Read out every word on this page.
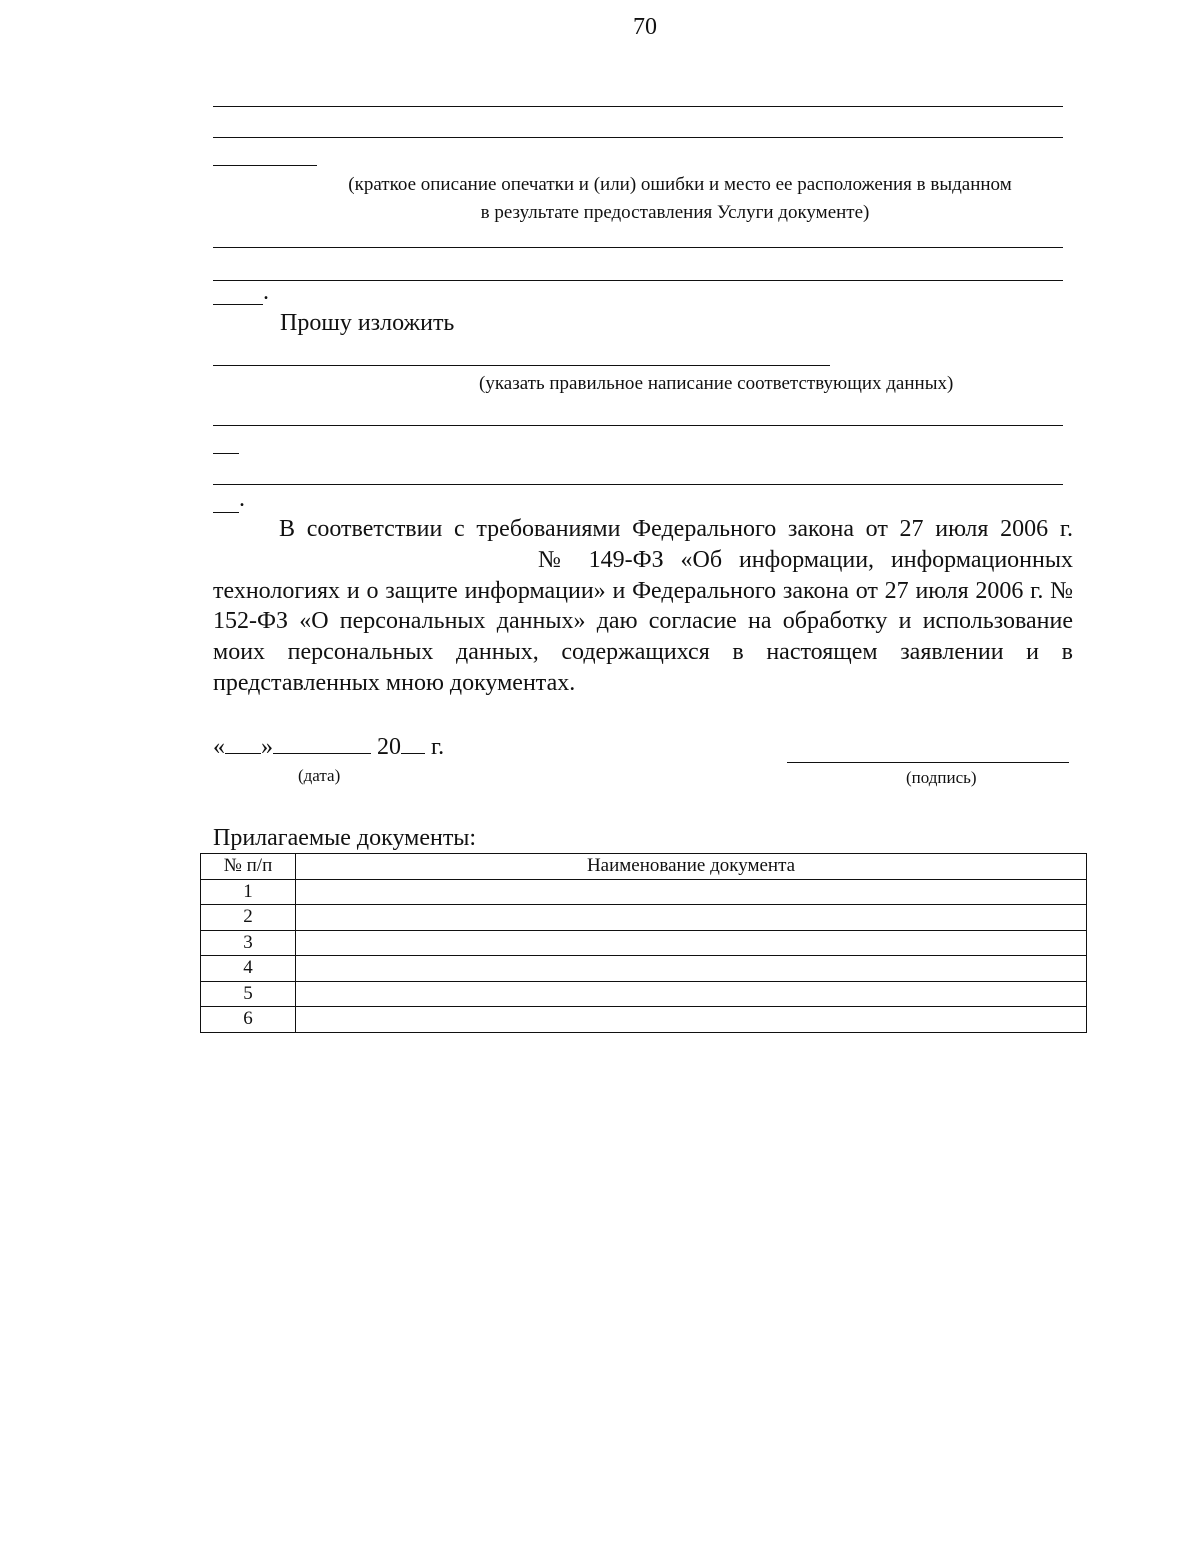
70
(краткое описание опечатки и (или) ошибки и место ее расположения в выданном
в результате предоставления Услуги документе)
.
Прошу изложить
(указать правильное написание соответствующих данных)
.
В соответствии с требованиями Федерального закона от 27 июля 2006 г.
№ 149-ФЗ «Об информации, информационных технологиях и о защите информации» и Федерального закона от 27 июля 2006 г. № 152-ФЗ «О персональных данных» даю согласие на обработку и использование моих персональных данных, содержащихся в настоящем заявлении и в представленных мною документах.
« »	20 г.
(дата)	(подпись)
Прилагаемые документы:
№ п/п	Наименование документа
1	
2	
3	
4	
5	
6	
